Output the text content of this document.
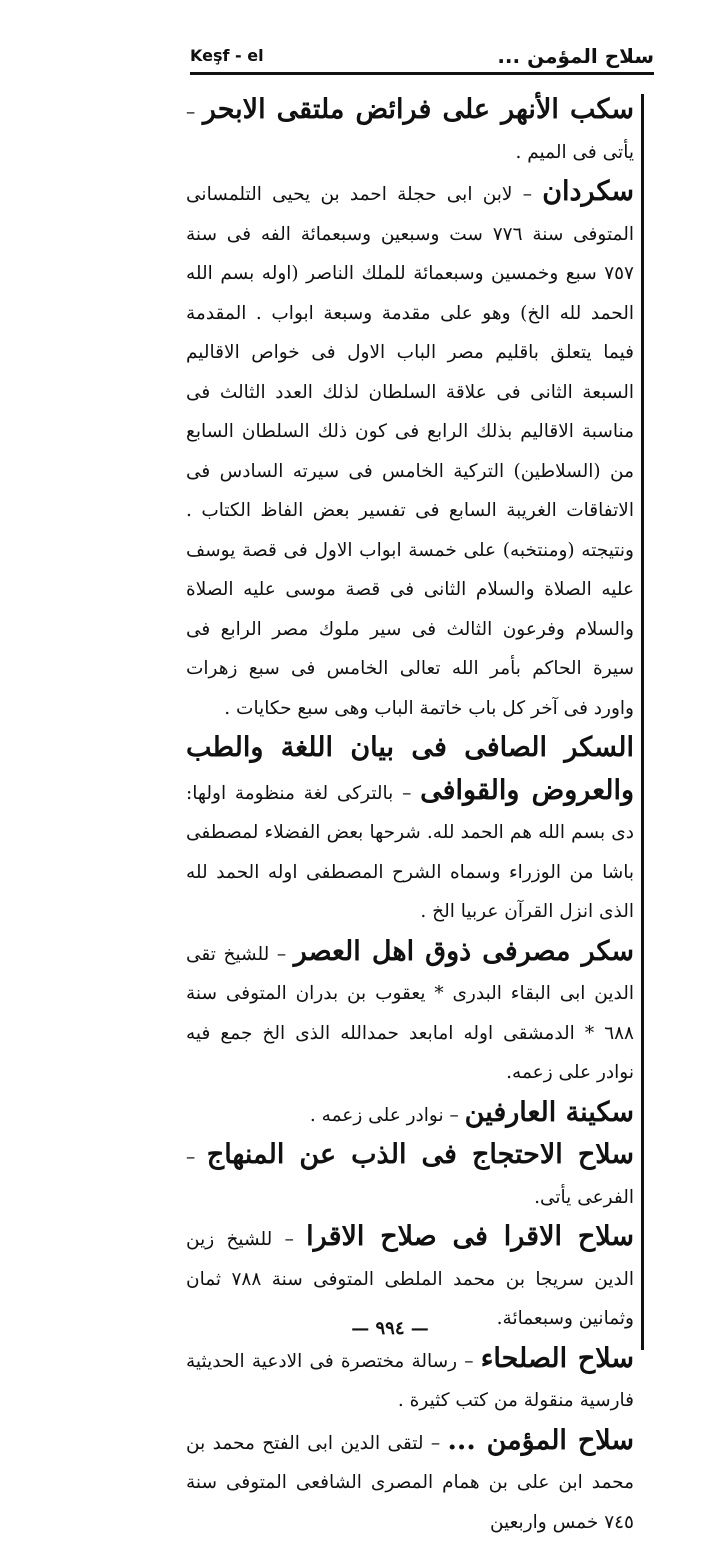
سلاح المؤمن ...
Keşf - el

سكب الأنهر على فرائض ملتقى الابحر – يأتى فى الميم .

سكردان – لابن ابى حجلة احمد بن يحيى التلمسانى المتوفى سنة ٧٧٦ ست وسبعين وسبعمائة الفه فى سنة ٧٥٧ سبع وخمسين وسبعمائة للملك الناصر (اوله بسم الله الحمد لله الخ) وهو على مقدمة وسبعة ابواب . المقدمة فيما يتعلق باقليم مصر الباب الاول فى خواص الاقاليم السبعة الثانى فى علاقة السلطان لذلك العدد الثالث فى مناسبة الاقاليم بذلك الرابع فى كون ذلك السلطان السابع من (السلاطين) التركية الخامس فى سيرته السادس فى الاتفاقات الغريبة السابع فى تفسير بعض الفاظ الكتاب . ونتيجته (ومنتخبه) على خمسة ابواب الاول فى قصة يوسف عليه الصلاة والسلام الثانى فى قصة موسى عليه الصلاة والسلام وفرعون الثالث فى سير ملوك مصر الرابع فى سيرة الحاكم بأمر الله تعالى الخامس فى سبع زهرات واورد فى آخر كل باب خاتمة الباب وهى سبع حكايات .

السكر الصافى فى بيان اللغة والطب والعروض والقوافى – بالتركى لغة منظومة اولها: دى بسم الله هم الحمد لله. شرحها بعض الفضلاء لمصطفى باشا من الوزراء وسماه الشرح المصطفى اوله الحمد لله الذى انزل القرآن عربيا الخ .

سكر مصرفى ذوق اهل العصر – للشيخ تقى الدين ابى البقاء البدرى * يعقوب بن بدران المتوفى سنة ٦٨٨ * الدمشقى اوله امابعد حمدالله الذى الخ جمع فيه نوادر على زعمه.

سكينة العارفين – نوادر على زعمه .

سلاح الاحتجاج فى الذب عن المنهاج – الفرعى يأتى.

سلاح الاقرا فى صلاح الاقرا – للشيخ زين الدين سريجا بن محمد الملطى المتوفى سنة ٧٨٨ ثمان وثمانين وسبعمائة.

سلاح الصلحاء – رسالة مختصرة فى الادعية الحديثية فارسية منقولة من كتب كثيرة .

سلاح المؤمن ... – لتقى الدين ابى الفتح محمد بن محمد ابن على بن همام المصرى الشافعى المتوفى سنة ٧٤٥ خمس واربعين

— ٩٩٤ —
